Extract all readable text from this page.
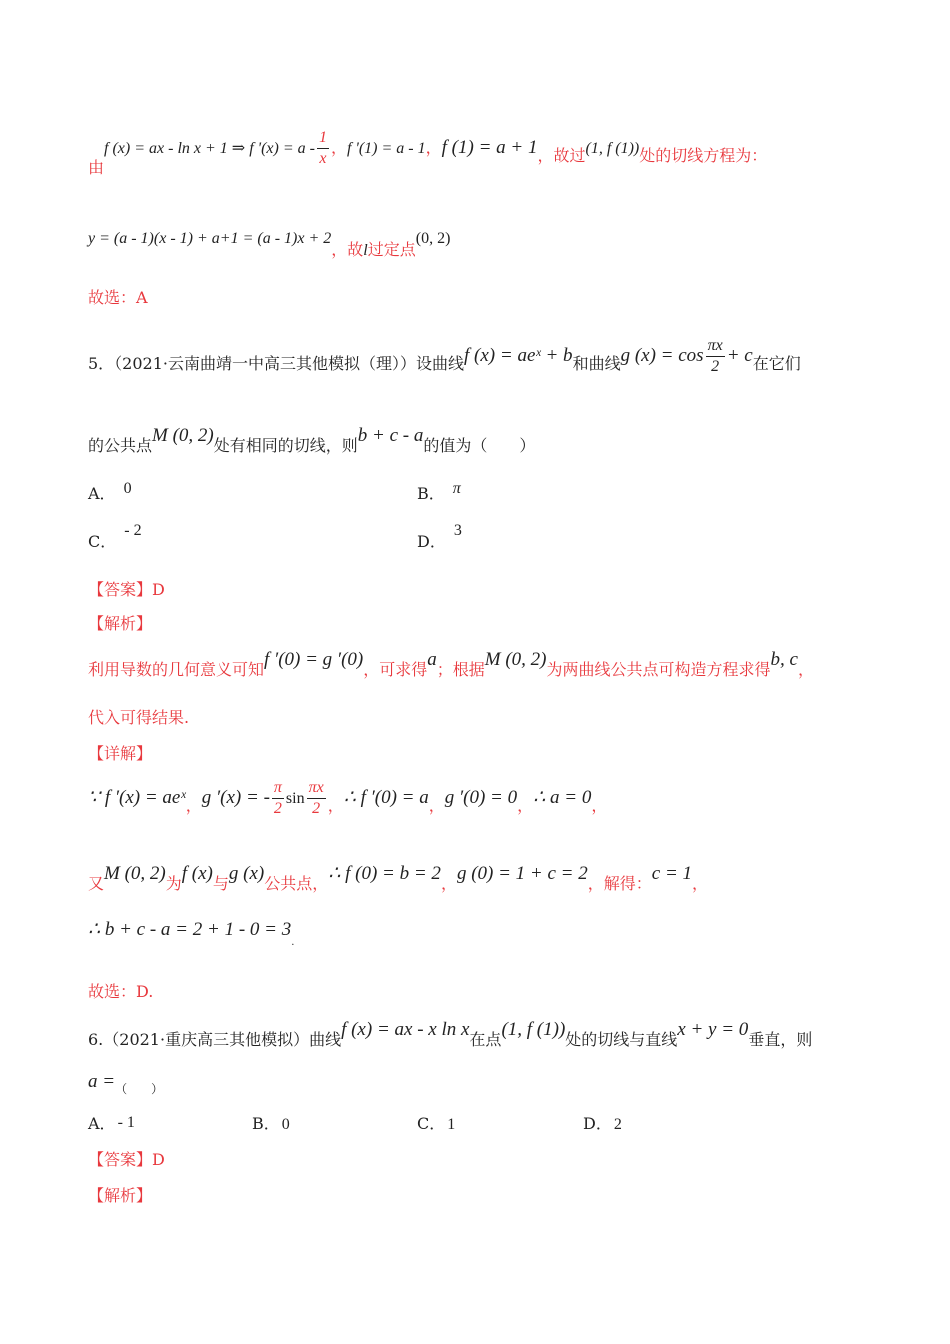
由f (x) = ax - ln x + 1 ⇒ f '$(x) = a - \frac{1}{x}$ ，f '(1) = a - 1，f (1) = a + 1，故过(1, f (1))处的切线方程为：
y = (a - 1)(x - 1) + a+1 = (a - 1)x + 2，故l过定点(0, 2)
故选：A
5．（2021·云南曲靖一中高三其他模拟（理））设曲线f (x) = aeˣ + b和曲线g $(x) = \cos \frac{\pi x}{2} + c$在它们
的公共点M (0, 2)处有相同的切线，则b + c - a的值为（　　）
A． 0	B． π
C．- 2
D．3
【答案】D
【解析】
利用导数的几何意义可知f ′(0) = g ′(0)，可求得a；根据M (0, 2)为两曲线公共点可构造方程求得b, c，
代入可得结果.
【详解】
∵ f ′(x) = aeˣ，g ′(x) = - $\frac{\pi}{2}$ $\sin \frac{\pi x}{2}$ ，∴ f ′(0) = a，g ′(0) = 0，∴ a = 0，
又M (0, 2)为f (x)与g (x)公共点，∴ f (0) = b = 2，g (0) = 1 + c = 2，解得：c = 1，
∴ $b + c - a = 2 + 1 - 0 = 3_.$
故选：D.
6.（2021·重庆高三其他模拟）曲线f (x) = ax - x ln x在点(1, f (1))处的切线与直线x + y = 0垂直，则
$a =_{( )}$
A． - 1	B． 0	C． 1	D． 2
【答案】D
【解析】
